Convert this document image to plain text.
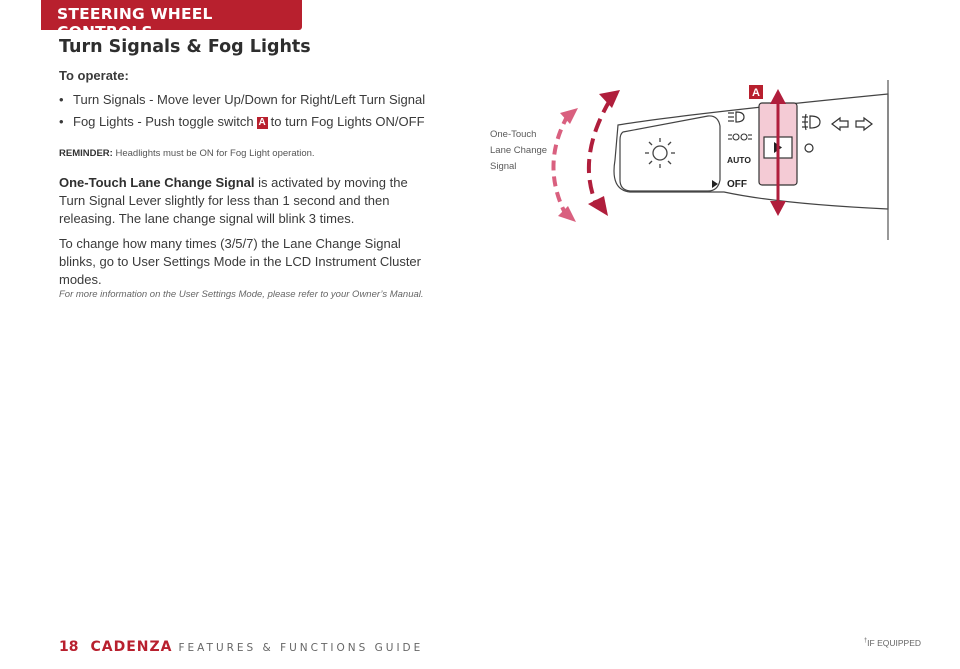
STEERING WHEEL CONTROLS
Turn Signals & Fog Lights
To operate:
• Turn Signals - Move lever Up/Down for Right/Left Turn Signal
• Fog Lights - Push toggle switch A to turn Fog Lights ON/OFF
REMINDER: Headlights must be ON for Fog Light operation.

One-Touch Lane Change Signal is activated by moving the Turn Signal Lever slightly for less than 1 second and then releasing. The lane change signal will blink 3 times.

To change how many times (3/5/7) the Lane Change Signal blinks, go to User Settings Mode in the LCD Instrument Cluster modes.

For more information on the User Settings Mode, please refer to your Owner’s Manual.
One-Touch
Lane Change
Signal
AUTO
OFF
A
18 CADENZA FEATURES & FUNCTIONS GUIDE
†IF EQUIPPED
